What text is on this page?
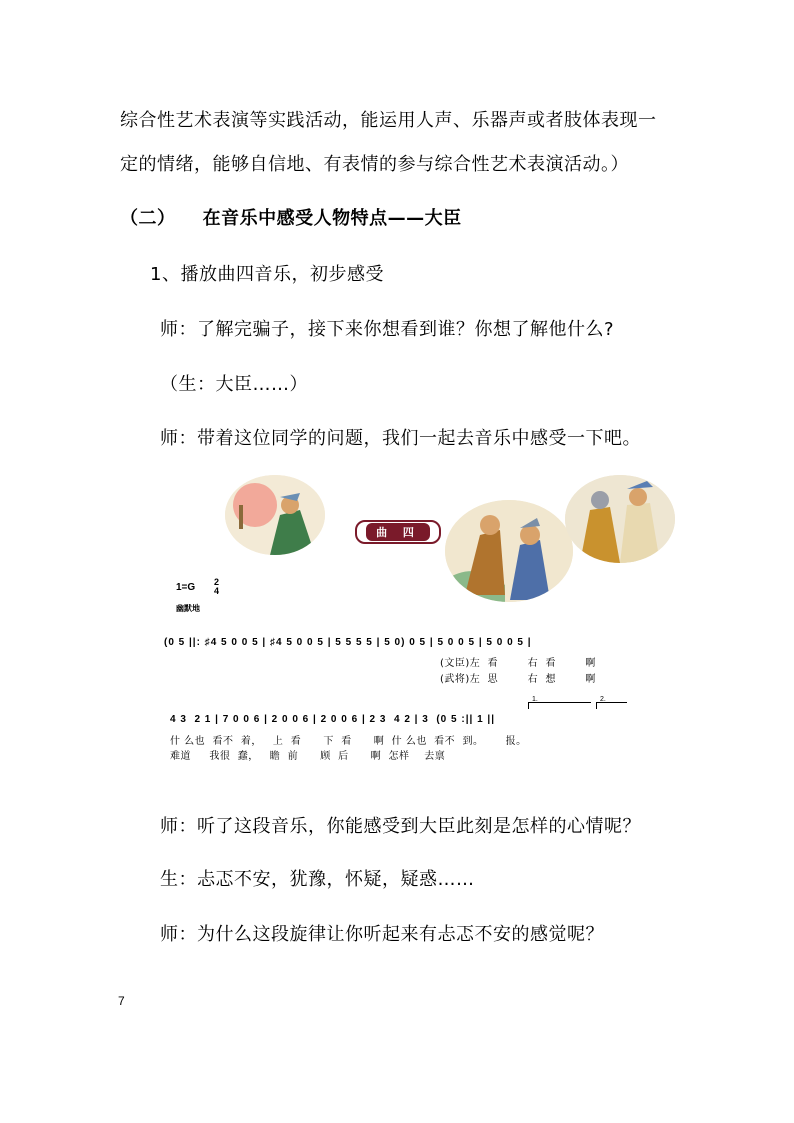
综合性艺术表演等实践活动，能运用人声、乐器声或者肢体表现一
定的情绪，能够自信地、有表情的参与综合性艺术表演活动。）
（二）    在音乐中感受人物特点——大臣
1、播放曲四音乐，初步感受
师：了解完骗子，接下来你想看到谁？你想了解他什么?
（生：大臣……）
师：带着这位同学的问题，我们一起去音乐中感受一下吧。
曲 四
1=G 2
4
幽默地
(0 5 ||: ♯4 5 0 0 5 | ♯4 5 0 0 5 | 5 5 5 5 | 5 0) 0 5 | 5 0 0 5 | 5 0 0 5 |
(文臣)左  看        右  看        啊
(武将)左  思        右  想        啊
1.	2.
4 3  2 1 | 7 0 0 6 | 2 0 0 6 | 2 0 0 6 | 2 3  4 2 | 3  (0 5 :|| 1 ||
什 么也  看不  着，   上  看      下  看      啊  什 么也  看不  到。      报。
难道     我很  蠢，   瞻  前      顾  后      啊  怎样    去禀
师：听了这段音乐，你能感受到大臣此刻是怎样的心情呢？
生：忐忑不安，犹豫，怀疑，疑惑……
师：为什么这段旋律让你听起来有忐忑不安的感觉呢？
7
